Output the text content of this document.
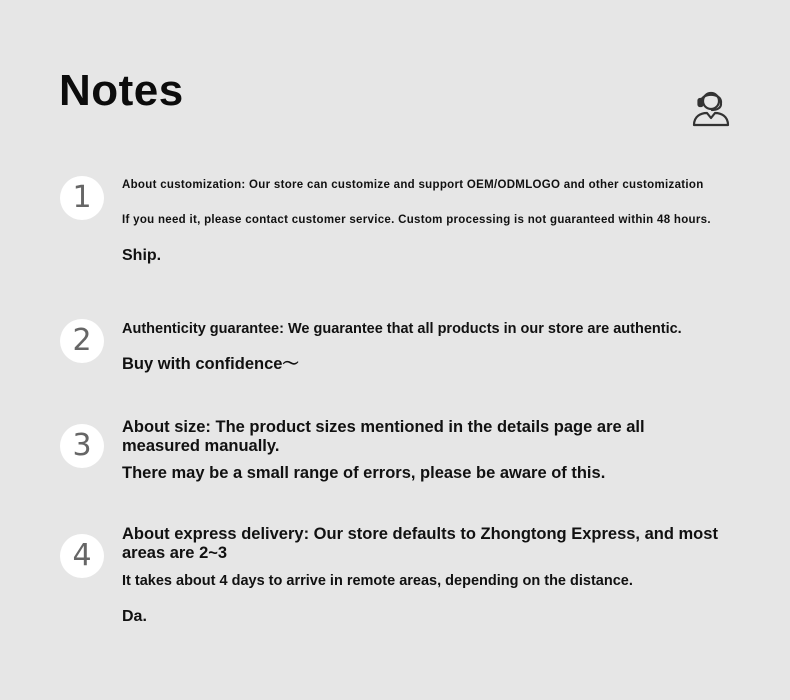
Notes
1	About customization: Our store can customize and support OEM/ODMLOGO and other customization
If you need it, please contact customer service. Custom processing is not guaranteed within 48 hours.
Ship.
2	Authenticity guarantee: We guarantee that all products in our store are authentic.
Buy with confidence～
3
About size: The product sizes mentioned in the details page are all measured manually.
There may be a small range of errors, please be aware of this.
4
About express delivery: Our store defaults to Zhongtong Express, and most areas are 2~3
It takes about 4 days to arrive in remote areas, depending on the distance.
Da.
